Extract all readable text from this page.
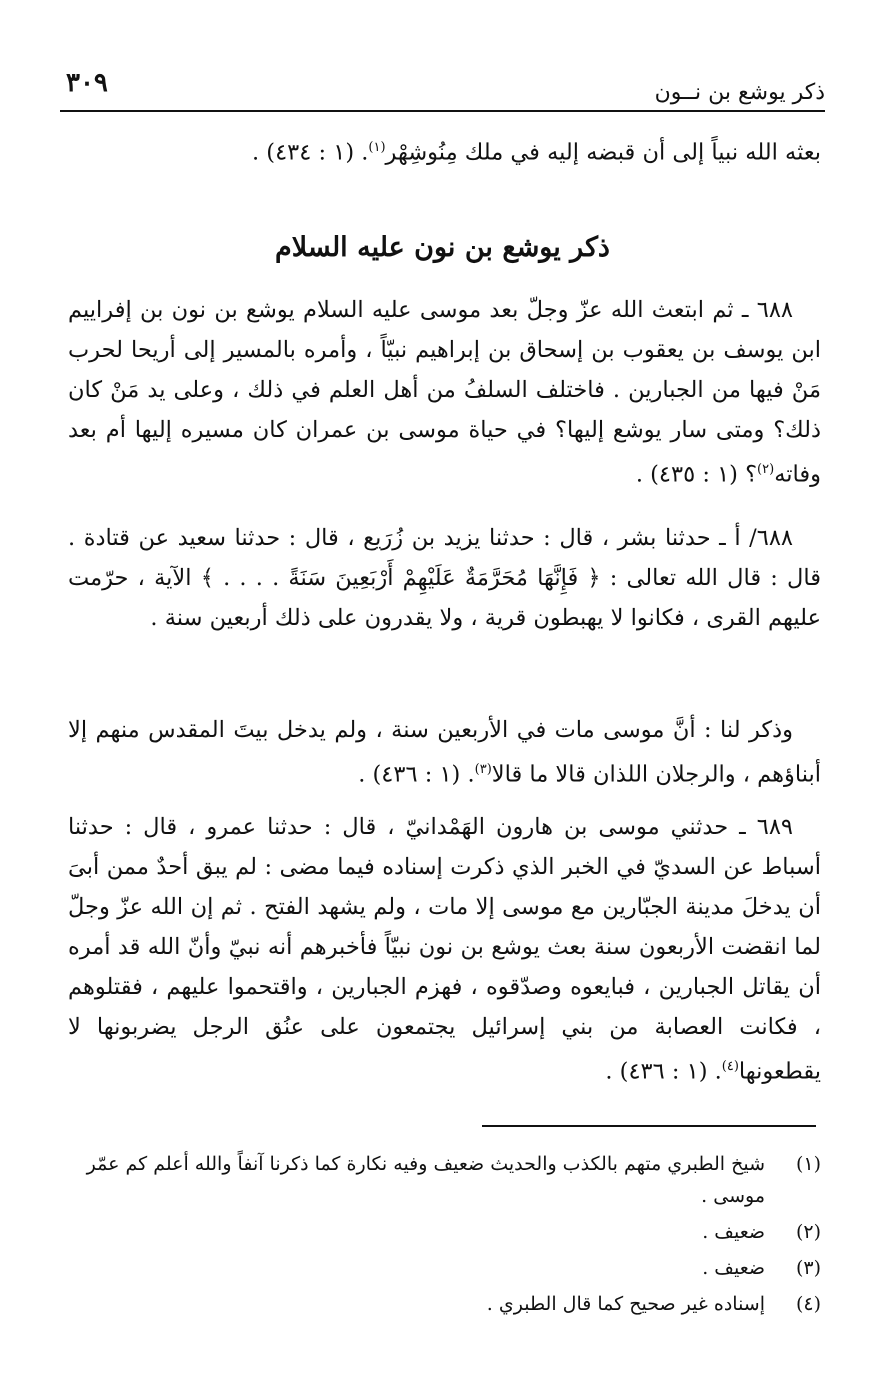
ذكر يوشع بن نــون
٣٠٩
بعثه الله نبياً إلى أن قبضه إليه في ملك مِنُوشِهْر$^{(١)}$. (١ : ٤٣٤) .
ذكر يوشع بن نون عليه السلام
٦٨٨ ـ ثم ابتعث الله عزّ وجلّ بعد موسى عليه السلام يوشع بن نون بن إفراييم ابن يوسف بن يعقوب بن إسحاق بن إبراهيم نبيّاً ، وأمره بالمسير إلى أريحا لحرب مَنْ فيها من الجبارين . فاختلف السلفُ من أهل العلم في ذلك ، وعلى يد مَنْ كان ذلك؟ ومتى سار يوشع إليها؟ في حياة موسى بن عمران كان مسيره إليها أم بعد وفاته$^{(٢)}$؟ (١ : ٤٣٥) .
٦٨٨/ أ ـ حدثنا بشر ، قال : حدثنا يزيد بن زُرَيع ، قال : حدثنا سعيد عن قتادة . قال : قال الله تعالى : ﴿ فَإِنَّهَا مُحَرَّمَةٌ عَلَيْهِمْ أَرْبَعِينَ سَنَةً . . . . ﴾ الآية ، حرّمت عليهم القرى ، فكانوا لا يهبطون قرية ، ولا يقدرون على ذلك أربعين سنة .
وذكر لنا : أنَّ موسى مات في الأربعين سنة ، ولم يدخل بيتَ المقدس منهم إلا أبناؤهم ، والرجلان اللذان قالا ما قالا$^{(٣)}$. (١ : ٤٣٦) .
٦٨٩ ـ حدثني موسى بن هارون الهَمْدانيّ ، قال : حدثنا عمرو ، قال : حدثنا أسباط عن السديّ في الخبر الذي ذكرت إسناده فيما مضى : لم يبق أحدٌ ممن أبىَ أن يدخلَ مدينة الجبّارين مع موسى إلا مات ، ولم يشهد الفتح . ثم إن الله عزّ وجلّ لما انقضت الأربعون سنة بعث يوشع بن نون نبيّاً فأخبرهم أنه نبيّ وأنّ الله قد أمره أن يقاتل الجبارين ، فبايعوه وصدّقوه ، فهزم الجبارين ، واقتحموا عليهم ، فقتلوهم ، فكانت العصابة من بني إسرائيل يجتمعون على عنُق الرجل يضربونها لا يقطعونها$^{(٤)}$. (١ : ٤٣٦) .
(١)
شيخ الطبري متهم بالكذب والحديث ضعيف وفيه نكارة كما ذكرنا آنفاً والله أعلم كم عمّر موسى .
(٢)
ضعيف .
(٣)
ضعيف .
(٤)
إسناده غير صحيح كما قال الطبري .
